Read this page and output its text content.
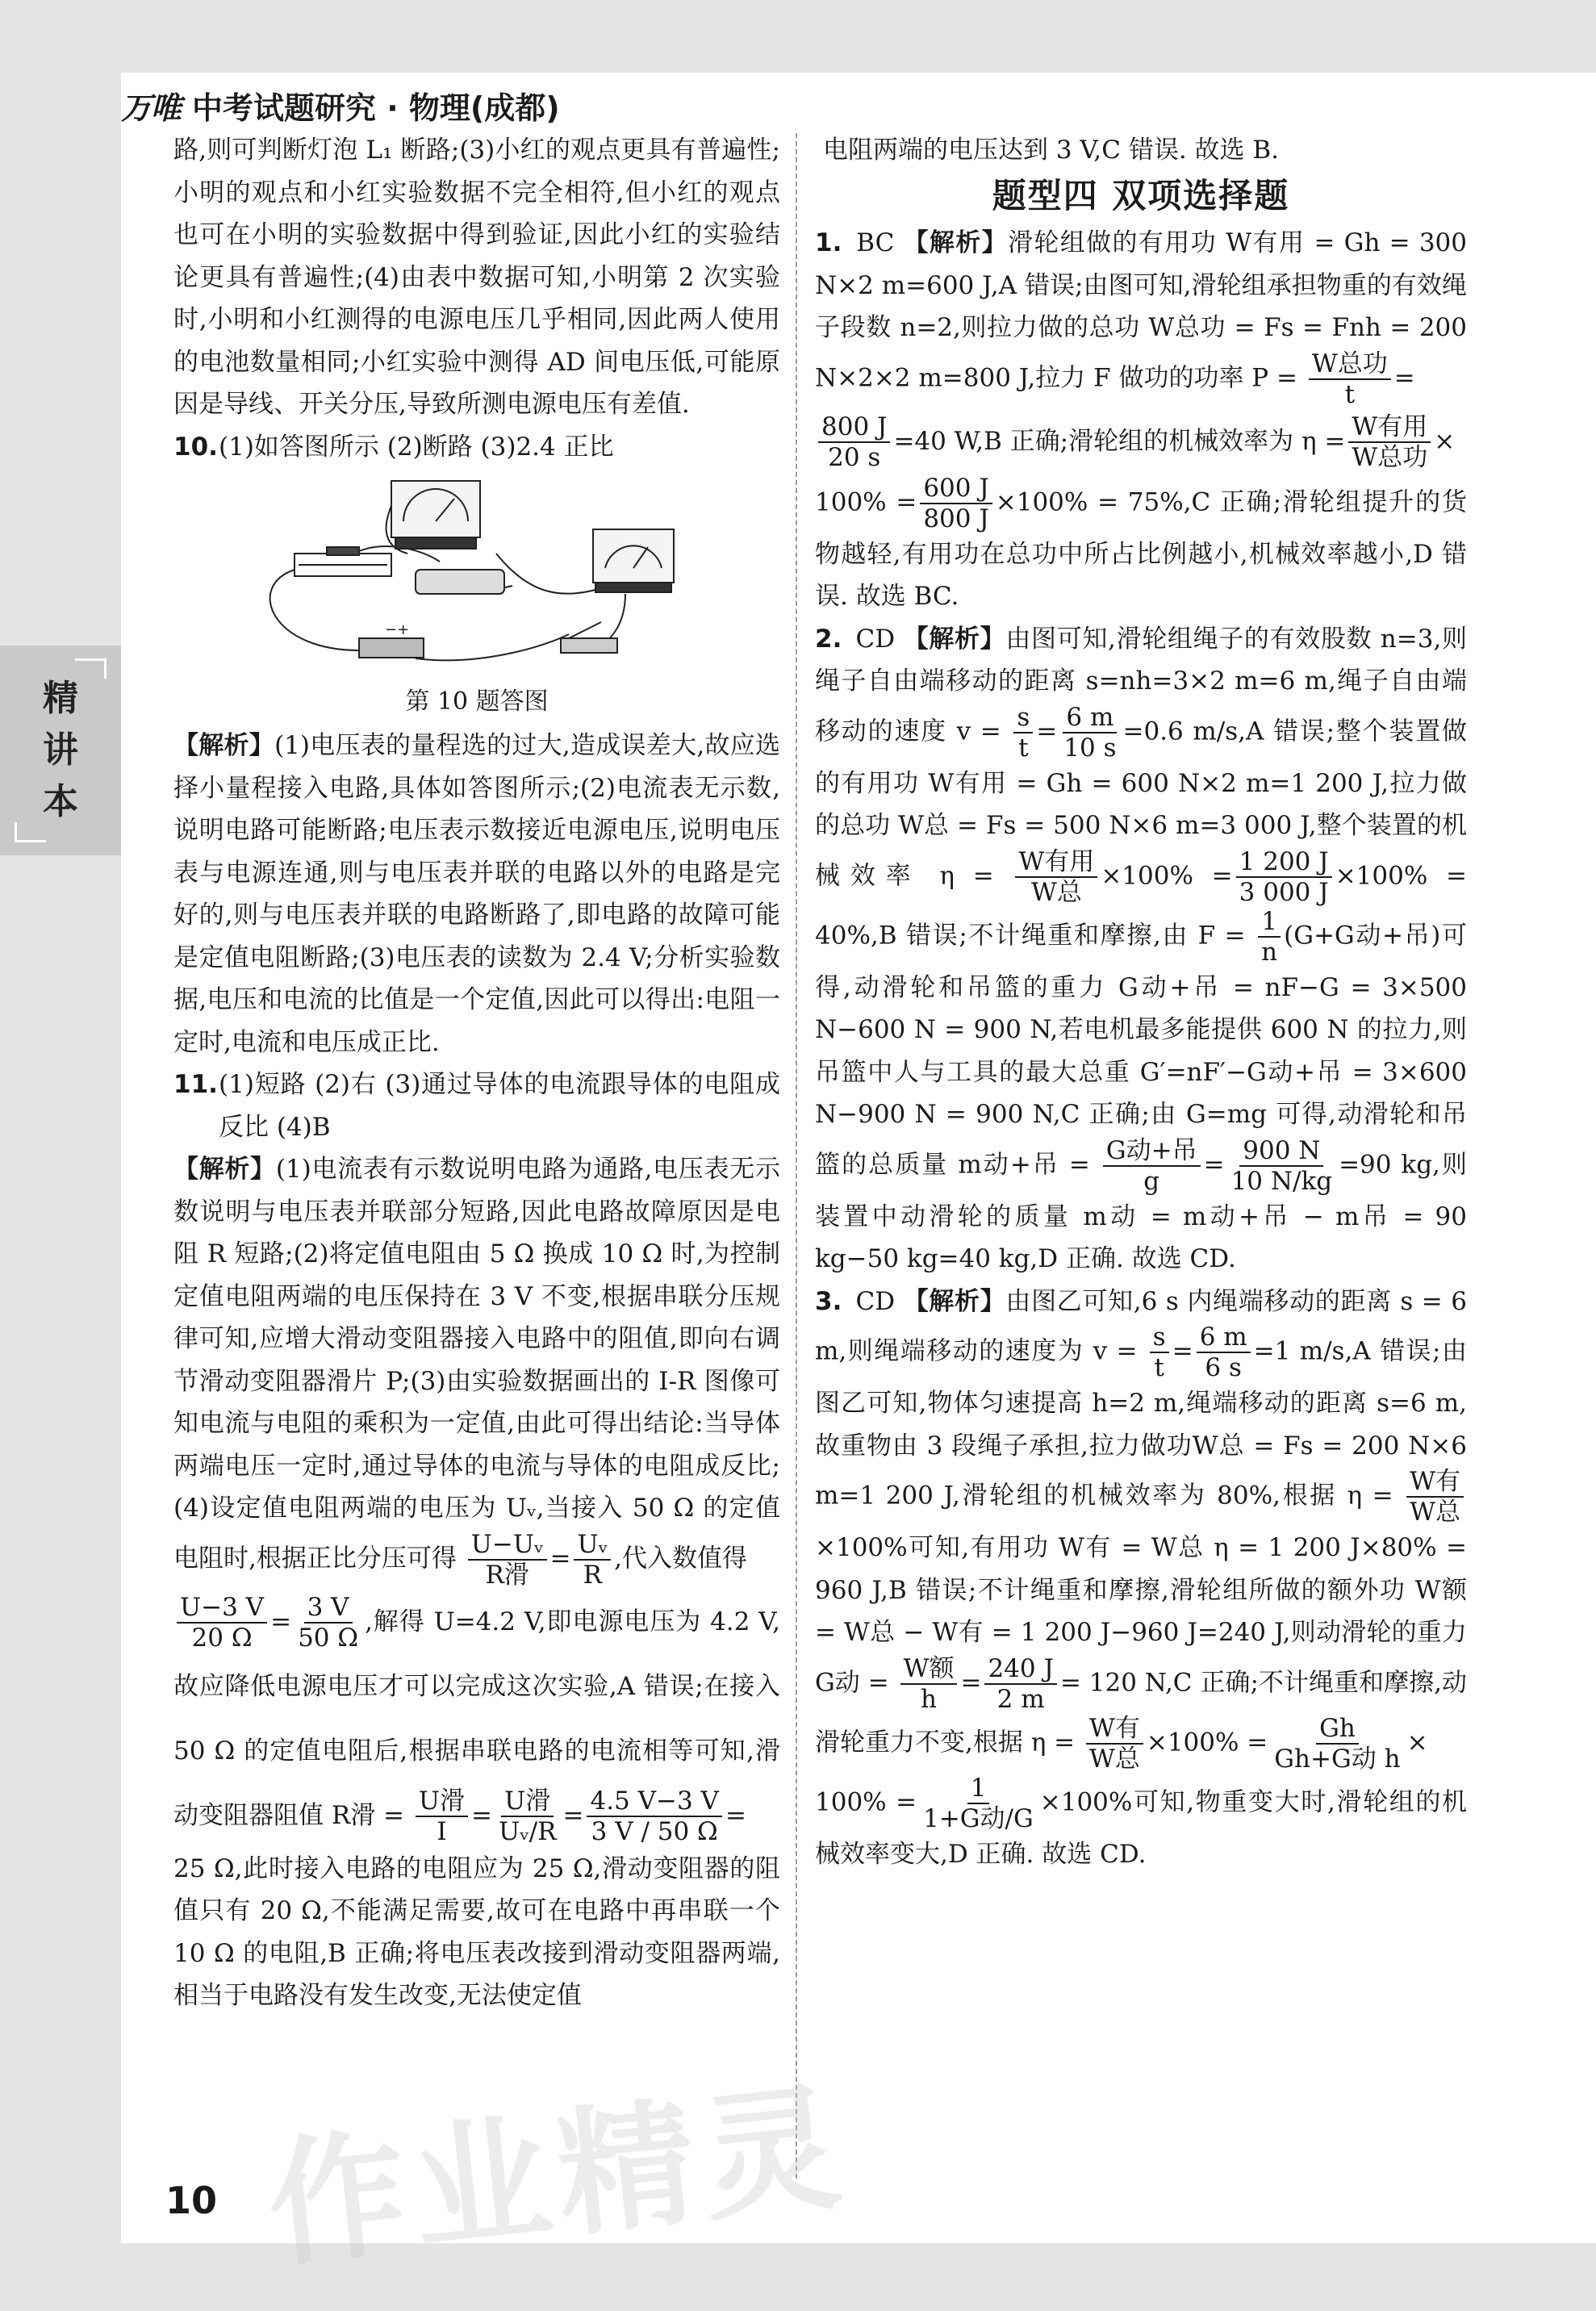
万唯 中考试题研究 · 物理(成都)
精
讲
本

路,则可判断灯泡 L₁ 断路;(3)小红的观点更具有普遍性;小明的观点和小红实验数据不完全相符,但小红的观点也可在小明的实验数据中得到验证,因此小红的实验结论更具有普遍性;(4)由表中数据可知,小明第 2 次实验时,小明和小红测得的电源电压几乎相同,因此两人使用的电池数量相同;小红实验中测得 AD 间电压低,可能原因是导线、开关分压,导致所测电源电压有差值.

10.(1)如答图所示 (2)断路 (3)2.4 正比

−+
第 10 题答图

【解析】(1)电压表的量程选的过大,造成误差大,故应选择小量程接入电路,具体如答图所示;(2)电流表无示数,说明电路可能断路;电压表示数接近电源电压,说明电压表与电源连通,则与电压表并联的电路以外的电路是完好的,则与电压表并联的电路断路了,即电路的故障可能是定值电阻断路;(3)电压表的读数为 2.4 V;分析实验数据,电压和电流的比值是一个定值,因此可以得出:电阻一定时,电流和电压成正比.

11.(1)短路 (2)右 (3)通过导体的电流跟导体的电阻成反比 (4)B

【解析】(1)电流表有示数说明电路为通路,电压表无示数说明与电压表并联部分短路,因此电路故障原因是电阻 R 短路;(2)将定值电阻由 5 Ω 换成 10 Ω 时,为控制定值电阻两端的电压保持在 3 V 不变,根据串联分压规律可知,应增大滑动变阻器接入电路中的阻值,即向右调节滑动变阻器滑片 P;(3)由实验数据画出的 I-R 图像可知电流与电阻的乘积为一定值,由此可得出结论:当导体两端电压一定时,通过导体的电流与导体的电阻成反比;(4)设定值电阻两端的电压为 Uᵥ,当接入 50 Ω 的定值电阻时,根据正比分压可得 $\frac{\text{U−Uᵥ}}{\text{R滑}} = \frac{\text{Uᵥ}}{R}$ ,代入数值得

$\frac{U-3 V}{20 \Omega} = \frac{3 V}{50 \Omega}$ ,解得 U=4.2 V,即电源电压为 4.2 V,故应降低电源电压才可以完成这次实验,A 错误;在接入50 Ω 的定值电阻后,根据串联电路的电流相等可知,滑动变阻器阻值 R滑 = $\frac{\text{U滑}}{I} = \frac{\text{U滑}}{\text{Uᵥ/R}} = \frac{4.5 V-3 V}{3 V / 50 \Omega}$ =

25 Ω,此时接入电路的电阻应为 25 Ω,滑动变阻器的阻值只有 20 Ω,不能满足需要,故可在电路中再串联一个 10 Ω 的电阻,B 正确;将电压表改接到滑动变阻器两端,相当于电路没有发生改变,无法使定值

电阻两端的电压达到 3 V,C 错误. 故选 B.

题型四 双项选择题

1. BC 【解析】滑轮组做的有用功 W有用 = Gh = 300 N×2 m=600 J,A 错误;由图可知,滑轮组承担物重的有效绳子段数 n=2,则拉力做的总功 W总功 = Fs = Fnh = 200 N×2×2 m=800 J,拉力 F 做功的功率 $P = \frac{\text{W总功}}{t}$ =

$\frac{800 J}{20 s} =40$ W,B 正确;滑轮组的机械效率为 $\eta = \frac{\text{W有用}}{\text{W总功}}$ ×

$100\% = \frac{600 J}{800 J} \times 100\% = 75\%,C$ 正确;滑轮组提升的货物越轻,有用功在总功中所占比例越小,机械效率越小,D 错误. 故选 BC.

2. CD 【解析】由图可知,滑轮组绳子的有效股数 n=3,则绳子自由端移动的距离 s=nh=3×2 m=6 m,绳子自由端移动的速度 $v = \frac{s}{t} = \frac{6 m}{10 s} =0.6$ m/s,A 错误;整个装置做的有用功 W有用 = Gh = 600 N×2 m=1 200 J,拉力做的总功 W总 = Fs = 500 N×6 m=3 000 J,整个装置的机械效率 $\eta = \frac{\text{W有用}}{\text{W总}} \times 100\% = \frac{1 200 J}{3 000 J} \times 100\% = 40\%,B$ 错误;不计绳重和摩擦,由 $F = \frac{1}{n} (G+G$动+吊)可得,动滑轮和吊篮的重力 G动+吊 = nF−G = 3×500 N−600 N = 900 N,若电机最多能提供 600 N 的拉力,则吊篮中人与工具的最大总重 G′=nF′−G动+吊 = 3×600 N−900 N = 900 N,C 正确;由 G=mg 可得,动滑轮和吊篮的总质量 m动+吊 = $\frac{\text{G动+吊}}{g} = \frac{900 N}{10 N/kg} =90$ kg,则装置中动滑轮的质量 m动 = m动+吊 − m吊 = 90 kg−50 kg=40 kg,D 正确. 故选 CD.

3. CD 【解析】由图乙可知,6 s 内绳端移动的距离 s = 6 m,则绳端移动的速度为 $v = \frac{s}{t} = \frac{6 m}{6 s} =1$ m/s,A 错误;由图乙可知,物体匀速提高 h=2 m,绳端移动的距离 s=6 m,故重物由 3 段绳子承担,拉力做功W总 = Fs = 200 N×6 m=1 200 J,滑轮组的机械效率为 80%,根据 $\eta = \frac{\text{W有}}{\text{W总}}$
×100%可知,有用功 W有 = W总 η = 1 200 J×80% = 960 J,B 错误;不计绳重和摩擦,滑轮组所做的额外功 W额 = W总 − W有 = 1 200 J−960 J=240 J,则动滑轮的重力 G动 = $\frac{\text{W额}}{h} = \frac{240 J}{2 m} = 120$ N,C 正确;不计绳重和摩擦,动滑轮重力不变,根据 $\eta = \frac{\text{W有}}{\text{W总}} \times 100\% = \frac{Gh}{\text{Gh+G动 h}}$ ×

$100\% = \frac{1}{\text{1+G动/G}} \times 100\%$可知,物重变大时,滑轮组的机械效率变大,D 正确. 故选 CD.

10 作业精灵
